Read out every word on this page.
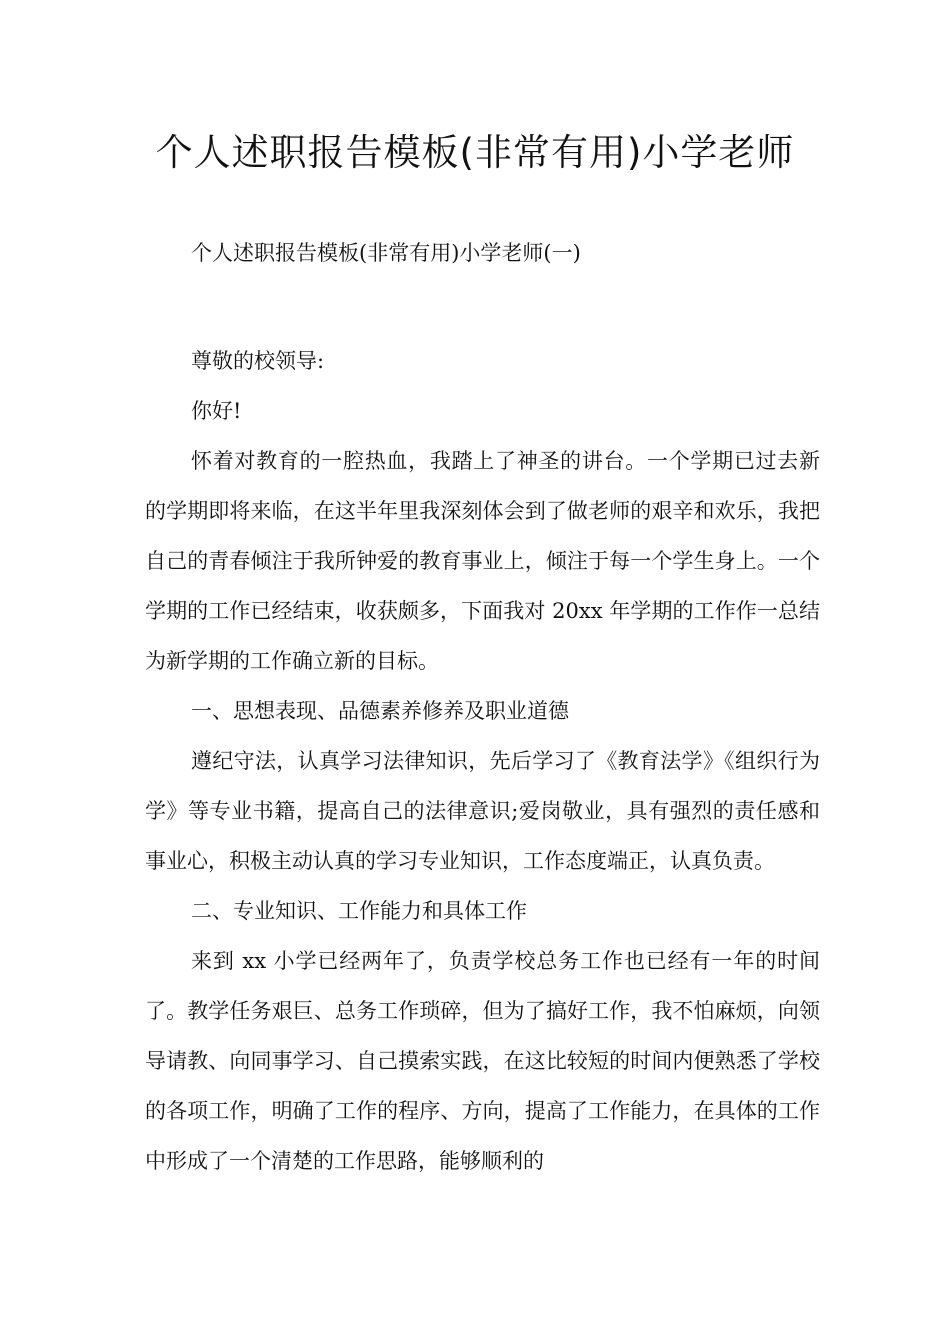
个人述职报告模板(非常有用)小学老师

个人述职报告模板(非常有用)小学老师(一)

尊敬的校领导:

你好!

怀着对教育的一腔热血，我踏上了神圣的讲台。一个学期已过去新的学期即将来临，在这半年里我深刻体会到了做老师的艰辛和欢乐，我把自己的青春倾注于我所钟爱的教育事业上，倾注于每一个学生身上。一个学期的工作已经结束，收获颇多，下面我对 20xx 年学期的工作作一总结为新学期的工作确立新的目标。

一、思想表现、品德素养修养及职业道德

遵纪守法，认真学习法律知识，先后学习了《教育法学》《组织行为学》等专业书籍，提高自己的法律意识;爱岗敬业，具有强烈的责任感和事业心，积极主动认真的学习专业知识，工作态度端正，认真负责。

二、专业知识、工作能力和具体工作

来到 xx 小学已经两年了，负责学校总务工作也已经有一年的时间了。教学任务艰巨、总务工作琐碎，但为了搞好工作，我不怕麻烦，向领导请教、向同事学习、自己摸索实践，在这比较短的时间内便熟悉了学校的各项工作，明确了工作的程序、方向，提高了工作能力，在具体的工作中形成了一个清楚的工作思路，能够顺利的
